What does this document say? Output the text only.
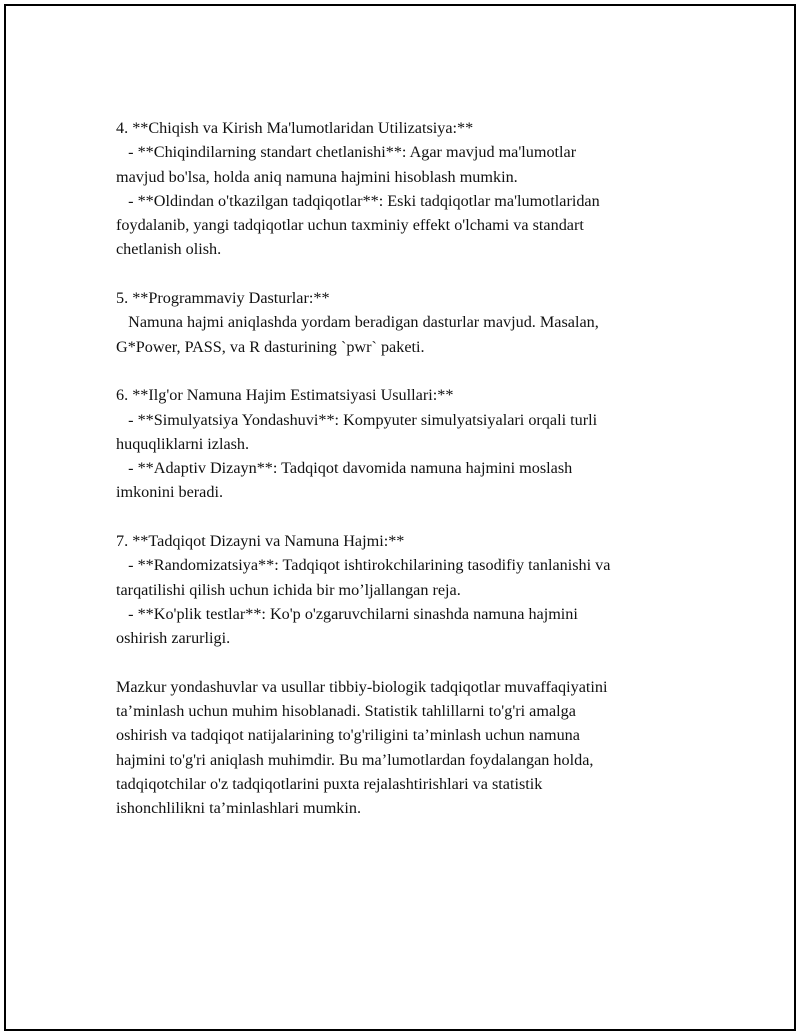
4. **Chiqish va Kirish Ma'lumotlaridan Utilizatsiya:**
- **Chiqindilarning standart chetlanishi**: Agar mavjud ma'lumotlar
mavjud bo'lsa, holda aniq namuna hajmini hisoblash mumkin.
- **Oldindan o'tkazilgan tadqiqotlar**: Eski tadqiqotlar ma'lumotlaridan
foydalanib, yangi tadqiqotlar uchun taxminiy effekt o'lchami va standart
chetlanish olish.
5. **Programmaviy Dasturlar:**
Namuna hajmi aniqlashda yordam beradigan dasturlar mavjud. Masalan,
G*Power, PASS, va R dasturining `pwr` paketi.
6. **Ilg'or Namuna Hajim Estimatsiyasi Usullari:**
- **Simulyatsiya Yondashuvi**: Kompyuter simulyatsiyalari orqali turli
huquqliklarni izlash.
- **Adaptiv Dizayn**: Tadqiqot davomida namuna hajmini moslash
imkonini beradi.
7. **Tadqiqot Dizayni va Namuna Hajmi:**
- **Randomizatsiya**: Tadqiqot ishtirokchilarining tasodifiy tanlanishi va
tarqatilishi qilish uchun ichida bir mo’ljallangan reja.
- **Ko'plik testlar**: Ko'p o'zgaruvchilarni sinashda namuna hajmini
oshirish zarurligi.
Mazkur yondashuvlar va usullar tibbiy-biologik tadqiqotlar muvaffaqiyatini
ta’minlash uchun muhim hisoblanadi. Statistik tahlillarni to'g'ri amalga
oshirish va tadqiqot natijalarining to'g'riligini ta’minlash uchun namuna
hajmini to'g'ri aniqlash muhimdir. Bu ma’lumotlardan foydalangan holda,
tadqiqotchilar o'z tadqiqotlarini puxta rejalashtirishlari va statistik
ishonchlilikni ta’minlashlari mumkin.
